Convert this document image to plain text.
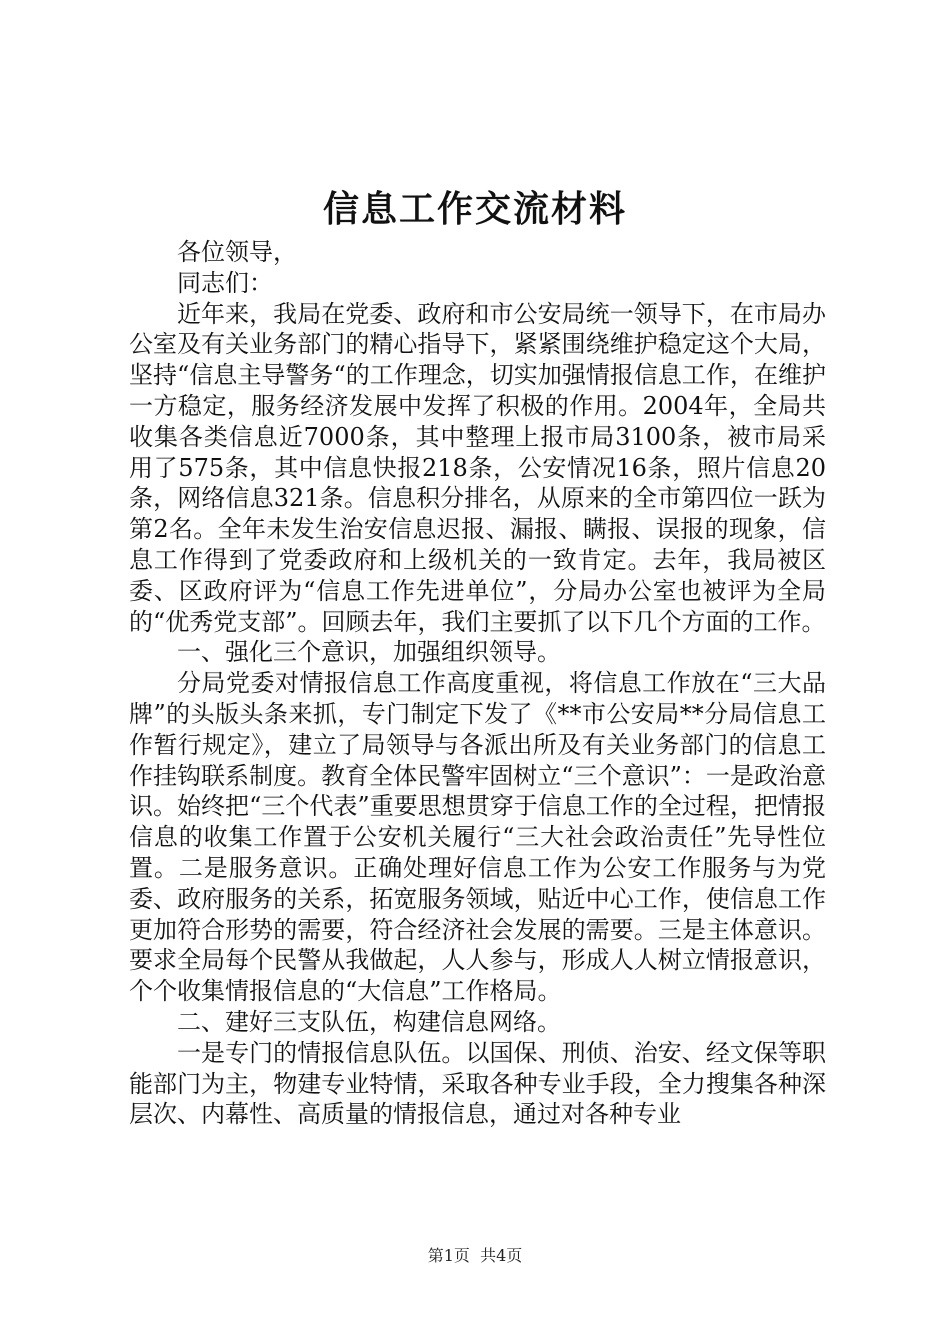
信息工作交流材料

各位领导，

同志们：

近年来，我局在党委、政府和市公安局统一领导下，在市局办公室及有关业务部门的精心指导下，紧紧围绕维护稳定这个大局，坚持“信息主导警务“的工作理念，切实加强情报信息工作，在维护一方稳定，服务经济发展中发挥了积极的作用。2004年，全局共收集各类信息近7000条，其中整理上报市局3100条，被市局采用了575条，其中信息快报218条，公安情况16条，照片信息20条，网络信息321条。信息积分排名，从原来的全市第四位一跃为第2名。全年未发生治安信息迟报、漏报、瞒报、误报的现象，信息工作得到了党委政府和上级机关的一致肯定。去年，我局被区委、区政府评为“信息工作先进单位”，分局办公室也被评为全局的“优秀党支部”。回顾去年，我们主要抓了以下几个方面的工作。

一、强化三个意识，加强组织领导。

分局党委对情报信息工作高度重视，将信息工作放在“三大品牌”的头版头条来抓，专门制定下发了《**市公安局**分局信息工作暂行规定》，建立了局领导与各派出所及有关业务部门的信息工作挂钩联系制度。教育全体民警牢固树立“三个意识”：一是政治意识。始终把“三个代表”重要思想贯穿于信息工作的全过程，把情报信息的收集工作置于公安机关履行“三大社会政治责任”先导性位置。二是服务意识。正确处理好信息工作为公安工作服务与为党委、政府服务的关系，拓宽服务领域，贴近中心工作，使信息工作更加符合形势的需要，符合经济社会发展的需要。三是主体意识。要求全局每个民警从我做起，人人参与，形成人人树立情报意识，个个收集情报信息的“大信息”工作格局。

二、建好三支队伍，构建信息网络。

一是专门的情报信息队伍。以国保、刑侦、治安、经文保等职能部门为主，物建专业特情，采取各种专业手段，全力搜集各种深层次、内幕性、高质量的情报信息，通过对各种专业

第1页 共4页
